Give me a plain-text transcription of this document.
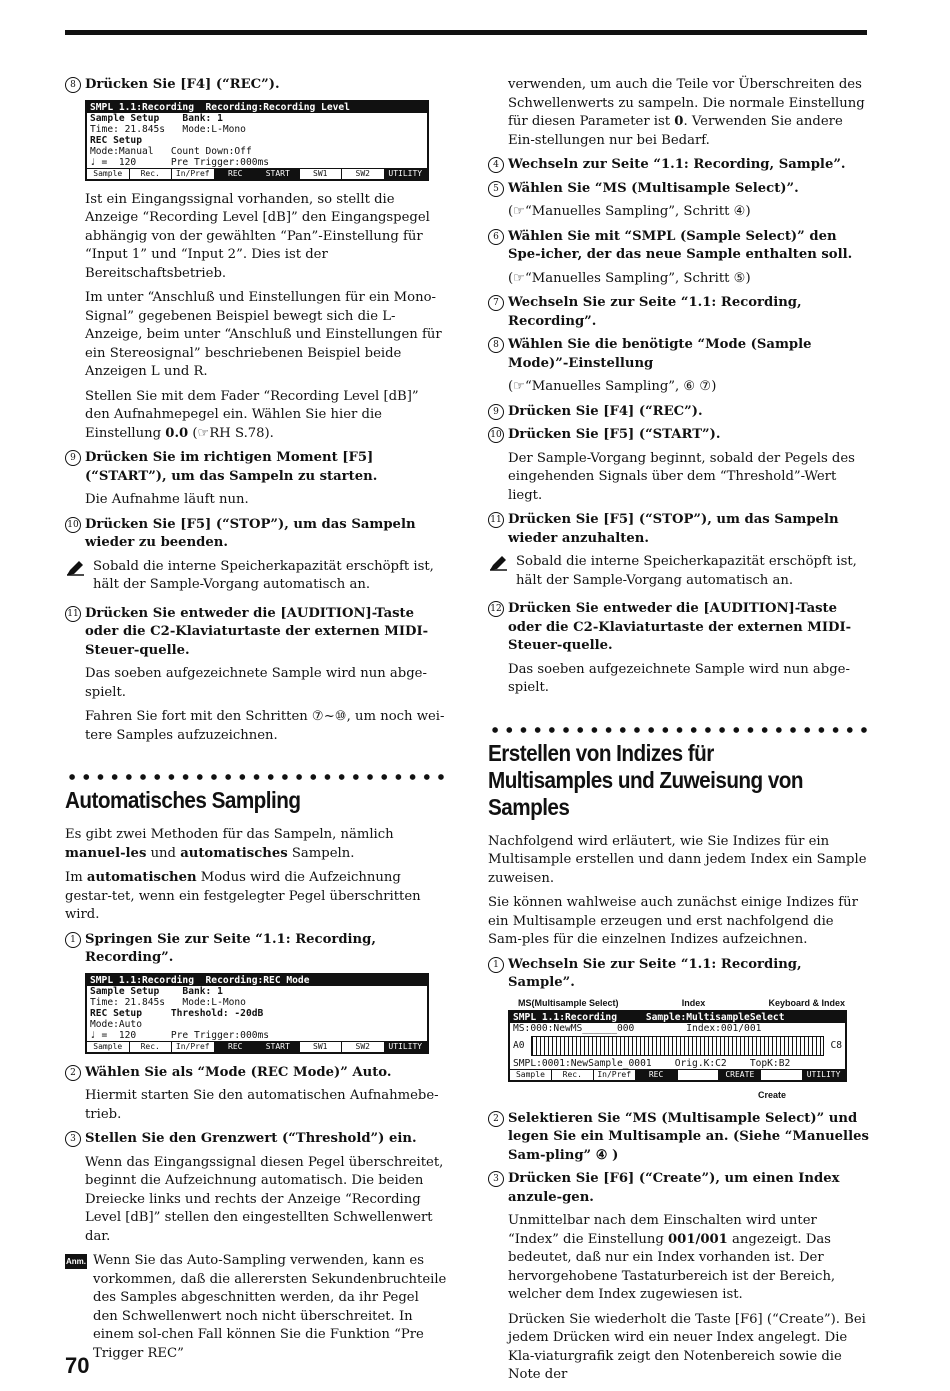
8 Drücken Sie [F4] (“REC”).
SMPL 1.1:Recording  Recording:Recording Level
Sample Setup    Bank: 1
Time: 21.845s   Mode:L-Mono
REC Setup
Mode:Manual   Count Down:Off
♩ =  120      Pre Trigger:000ms
Sample	Rec.	In/Pref	REC	START	SW1	SW2	UTILITY
Ist ein Eingangssignal vorhanden, so stellt die Anzeige “Recording Level [dB]” den Eingangspegel abhängig von der gewählten “Pan”-Einstellung für “Input 1” und “Input 2”. Dies ist der Bereitschaftsbetrieb.
Im unter “Anschluß und Einstellungen für ein Mono-Signal” gegebenen Beispiel bewegt sich die L-Anzeige, beim unter “Anschluß und Einstellungen für ein Stereosignal” beschriebenen Beispiel beide Anzeigen L und R.
Stellen Sie mit dem Fader “Recording Level [dB]” den Aufnahmepegel ein. Wählen Sie hier die Einstellung 0.0 (☞RH S.78).
9 Drücken Sie im richtigen Moment [F5] (“START”), um das Sampeln zu starten.
Die Aufnahme läuft nun.
10 Drücken Sie [F5] (“STOP”), um das Sampeln wieder zu beenden.
Sobald die interne Speicherkapazität erschöpft ist, hält der Sample-Vorgang automatisch an.
11 Drücken Sie entweder die [AUDITION]-Taste oder die C2-Klaviaturtaste der externen MIDI-Steuer-quelle.
Das soeben aufgezeichnete Sample wird nun abge-spielt.
Fahren Sie fort mit den Schritten ⑦~⑩, um noch wei-tere Samples aufzuzeichnen.
Automatisches Sampling
Es gibt zwei Methoden für das Sampeln, nämlich manuel-les und automatisches Sampeln.
Im automatischen Modus wird die Aufzeichnung gestar-tet, wenn ein festgelegter Pegel überschritten wird.
1 Springen Sie zur Seite “1.1: Recording, Recording”.
SMPL 1.1:Recording  Recording:REC Mode
Sample Setup    Bank: 1
Time: 21.845s   Mode:L-Mono
REC Setup     Threshold: -20dB
Mode:Auto
♩ =  120      Pre Trigger:000ms
Sample	Rec.	In/Pref	REC	START	SW1	SW2	UTILITY
2 Wählen Sie als “Mode (REC Mode)” Auto.
Hiermit starten Sie den automatischen Aufnahmebe-trieb.
3 Stellen Sie den Grenzwert (“Threshold”) ein.
Wenn das Eingangssignal diesen Pegel überschreitet, beginnt die Aufzeichnung automatisch. Die beiden Dreiecke links und rechts der Anzeige “Recording Level [dB]” stellen den eingestellten Schwellenwert dar.
Anm. Wenn Sie das Auto-Sampling verwenden, kann es vorkommen, daß die allerersten Sekundenbruchteile des Samples abgeschnitten werden, da ihr Pegel den Schwellenwert noch nicht überschreitet. In einem sol-chen Fall können Sie die Funktion “Pre Trigger REC”
verwenden, um auch die Teile vor Überschreiten des Schwellenwerts zu sampeln. Die normale Einstellung für diesen Parameter ist 0. Verwenden Sie andere Ein-stellungen nur bei Bedarf.
4 Wechseln zur Seite “1.1: Recording, Sample”.
5 Wählen Sie “MS (Multisample Select)”.
(☞“Manuelles Sampling”, Schritt ④)
6 Wählen Sie mit “SMPL (Sample Select)” den Spe-icher, der das neue Sample enthalten soll.
(☞“Manuelles Sampling”, Schritt ⑤)
7 Wechseln Sie zur Seite “1.1: Recording, Recording”.
8 Wählen Sie die benötigte “Mode (Sample Mode)”-Einstellung
(☞“Manuelles Sampling”, ⑥ ⑦)
9 Drücken Sie [F4] (“REC”).
10 Drücken Sie [F5] (“START”).
Der Sample-Vorgang beginnt, sobald der Pegels des eingehenden Signals über dem “Threshold”-Wert liegt.
11 Drücken Sie [F5] (“STOP”), um das Sampeln wieder anzuhalten.
Sobald die interne Speicherkapazität erschöpft ist, hält der Sample-Vorgang automatisch an.
12 Drücken Sie entweder die [AUDITION]-Taste oder die C2-Klaviaturtaste der externen MIDI-Steuer-quelle.
Das soeben aufgezeichnete Sample wird nun abge-spielt.
Erstellen von Indizes für Multisamples und Zuweisung von Samples
Nachfolgend wird erläutert, wie Sie Indizes für ein Multisample erstellen und dann jedem Index ein Sample zuweisen.
Sie können wahlweise auch zunächst einige Indizes für ein Multisample erzeugen und erst nachfolgend die Sam-ples für die einzelnen Indizes aufzeichnen.
1 Wechseln Sie zur Seite “1.1: Recording, Sample”.
MS(Multisample Select)	Index	Keyboard & Index
SMPL 1.1:Recording     Sample:MultisampleSelect
MS:000:NewMS______000         Index:001/001
A0	C8
SMPL:0001:NewSample_0001    Orig.K:C2    TopK:B2
Sample	Rec.	In/Pref	REC	CREATE	UTILITY
Create
2 Selektieren Sie “MS (Multisample Select)” und legen Sie ein Multisample an. (Siehe “Manuelles Sam-pling” ④ )
3 Drücken Sie [F6] (“Create”), um einen Index anzule-gen.
Unmittelbar nach dem Einschalten wird unter “Index” die Einstellung 001/001 angezeigt. Das bedeutet, daß nur ein Index vorhanden ist. Der hervorgehobene Tastaturbereich ist der Bereich, welcher dem Index zugewiesen ist.
Drücken Sie wiederholt die Taste [F6] (“Create”). Bei jedem Drücken wird ein neuer Index angelegt. Die Kla-viaturgrafik zeigt den Notenbereich sowie die Note der
70
